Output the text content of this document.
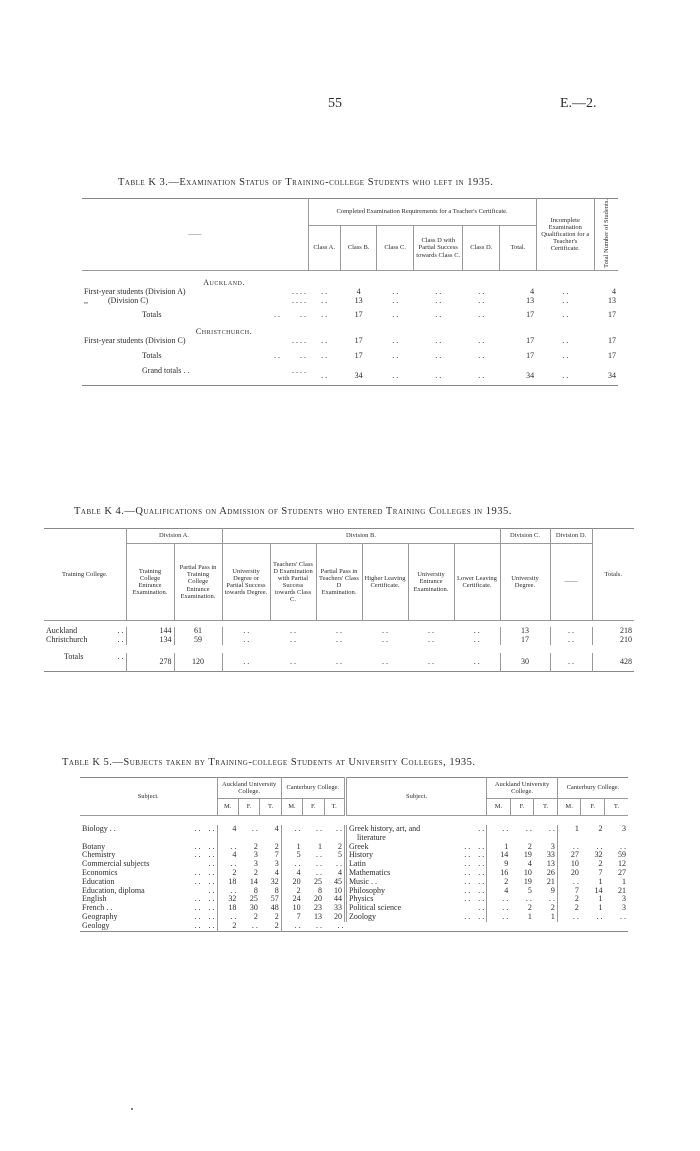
55	E.—2.
Table K 3.—Examination Status of Training-college Students who left in 1935.
——	Completed Examination Requirements for a Teacher's Certificate.						Incomplete Examination Qualification for a Teacher's Certificate.	Total Number of Students.
	Class A.	Class B.	Class C.	Class D with Partial Success towards Class C.	Class D.	Total.		

Auckland.								
First-year students (Division A) . . . .	. .	4	. .	. .	. .	4	. .	4
,,          (Division C) . . . .	. .	13	. .	. .	. .	13	. .	13

Totals . .          . .	. .	17	. .	. .	. .	17	. .	17

Christchurch.								
First-year students (Division C) . . . .	. .	17	. .	. .	. .	17	. .	17

Totals . .          . .	. .	17	. .	. .	. .	17	. .	17

Grand totals . . . . . .	. .	34	. .	. .	. .	34	. .	34
Table K 4.—Qualifications on Admission of Students who entered Training Colleges in 1935.
Training College.	Division A.		Division B.						Division C.	Division D.	Totals.
	Training College Entrance Examination.	Partial Pass in Training College Entrance Examination.	University Degree or Partial Success towards Degree.	Teachers' Class D Examination with Partial Success towards Class C.	Partial Pass in Teachers' Class D Examination.	Higher Leaving Certificate.	University Entrance Examination.	Lower Leaving Certificate.	University Degree.	——	

Auckland . .	144	61	. .	. .	. .	. .	. .	. .	13	. .	218
Christchurch . .	134	59	. .	. .	. .	. .	. .	. .	17	. .	210

Totals . .	278	120	. .	. .	. .	. .	. .	. .	30	. .	428
Table K 5.—Subjects taken by Training-college Students at University Colleges, 1935.
Subject.	Auckland University College.			Canterbury College.			Subject.	Auckland University College.			Canterbury College.		
	M.	F.	T.	M.	F.	T.		M.	F.	T.	M.	F.	T.

Biology . . . .    . .	4	. .	4	. .	. .	. .	Greek history, art, and . .	. .	. .	. .	1	2	3
							literature						
Botany . .    . .	. .	2	2	1	1	2	Greek . .    . .	1	2	3	. .	. .	. .
Chemistry . .    . .	4	3	7	5	. .	5	History . .    . .	14	19	33	27	32	59
Commercial subjects . .	. .	3	3	. .	. .	. .	Latin . .    . .	9	4	13	10	2	12
Economics . .    . .	2	2	4	4	. .	4	Mathematics . .    . .	16	10	26	20	7	27
Education . .    . .	18	14	32	20	25	45	Music . . . .    . .	2	19	21	. .	1	1
Education, diploma . .	. .	8	8	2	8	10	Philosophy . .    . .	4	5	9	7	14	21
English . .    . .	32	25	57	24	20	44	Physics . .    . .	. .	. .	. .	2	1	3
French . . . .    . .	18	30	48	10	23	33	Political science . .	. .	2	2	2	1	3
Geography . .    . .	. .	2	2	7	13	20	Zoology . .    . .	. .	1	1	. .	. .	. .
Geology . .    . .	2	. .	2	. .	. .	. .							
